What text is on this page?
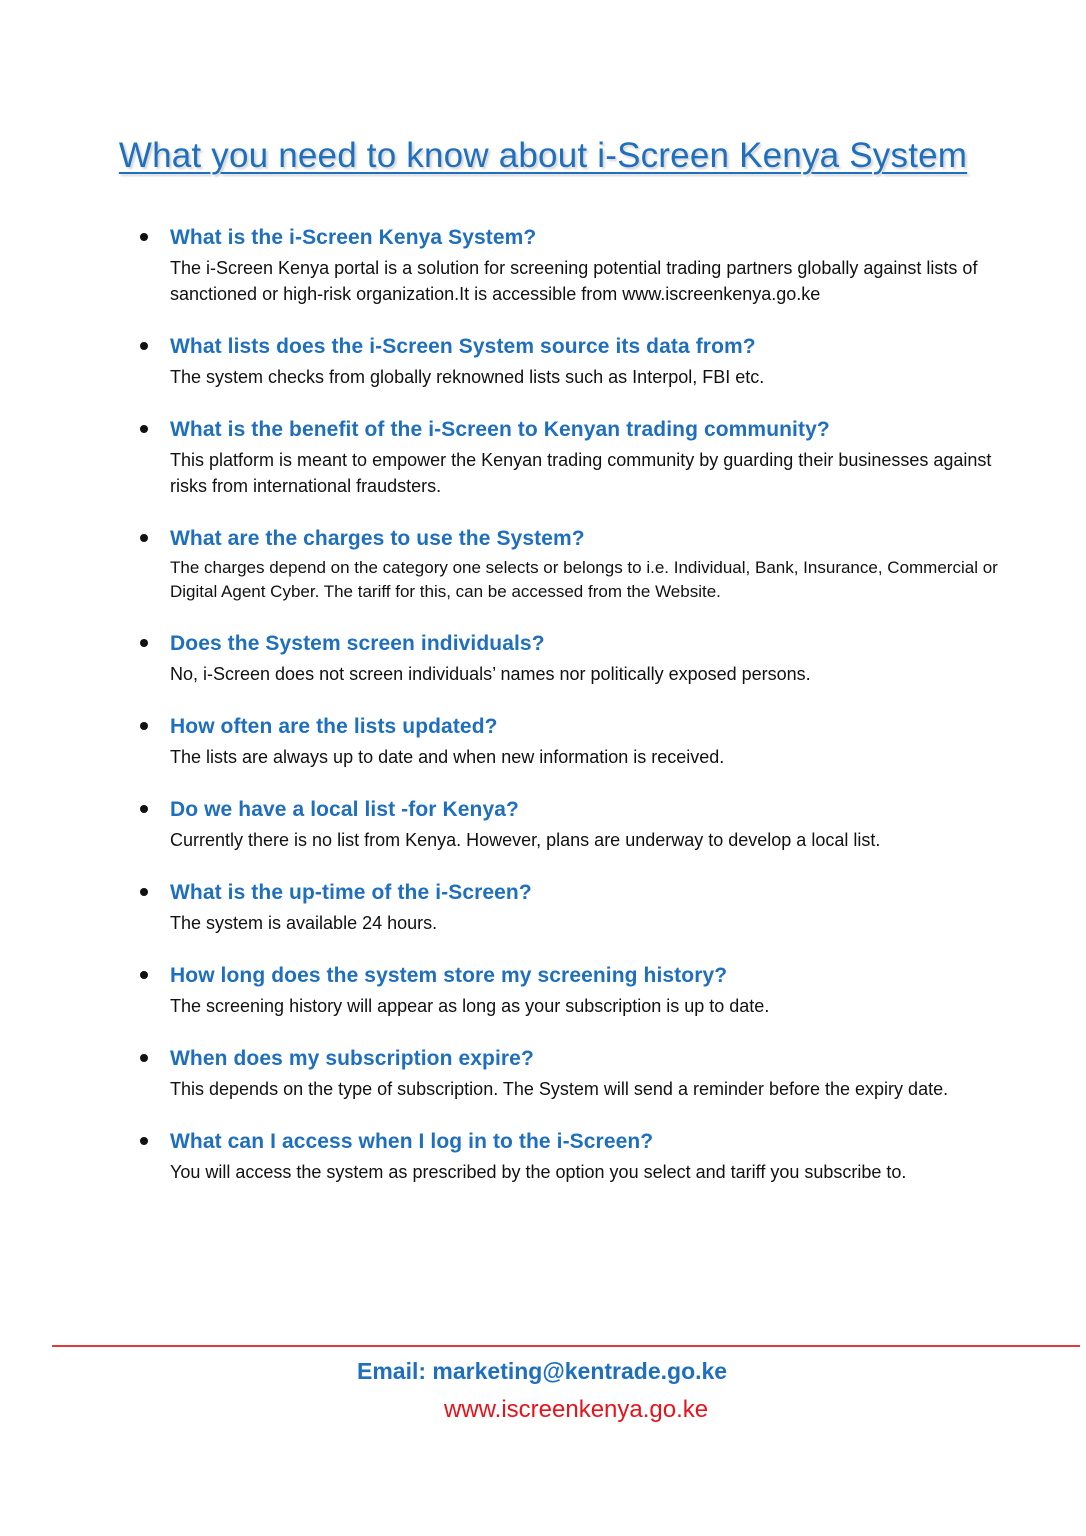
What you need to know about i-Screen Kenya System
What is the i-Screen Kenya System?
The i-Screen Kenya portal is a solution for screening potential trading partners globally against lists of sanctioned or high-risk organization.It is accessible from www.iscreenkenya.go.ke
What lists does the i-Screen System source its data from?
The system checks from globally reknowned lists such as Interpol, FBI etc.
What is the benefit of the i-Screen to Kenyan trading community?
This platform is meant to empower the Kenyan trading community by guarding their businesses against risks from international fraudsters.
What are the charges to use the System?
The charges depend on the category one selects or belongs to i.e. Individual, Bank, Insurance, Commercial or Digital Agent Cyber. The tariff for this, can be accessed from the Website.
Does the System screen individuals?
No, i-Screen does not screen individuals’ names nor politically exposed persons.
How often are the lists updated?
The lists are always up to date and when new information is received.
Do we have a local list -for Kenya?
Currently there is no list from Kenya. However, plans are underway to develop a local list.
What is the up-time of the i-Screen?
The system is available 24 hours.
How long does the system store my screening history?
The screening history will appear as long as your subscription is up to date.
When does my subscription expire?
This depends on the type of subscription. The System will send a reminder before the expiry date.
What can I access when I log in to the i-Screen?
You will access the system as prescribed by the option you select and tariff you subscribe to.
Email: marketing@kentrade.go.ke
www.iscreenkenya.go.ke
